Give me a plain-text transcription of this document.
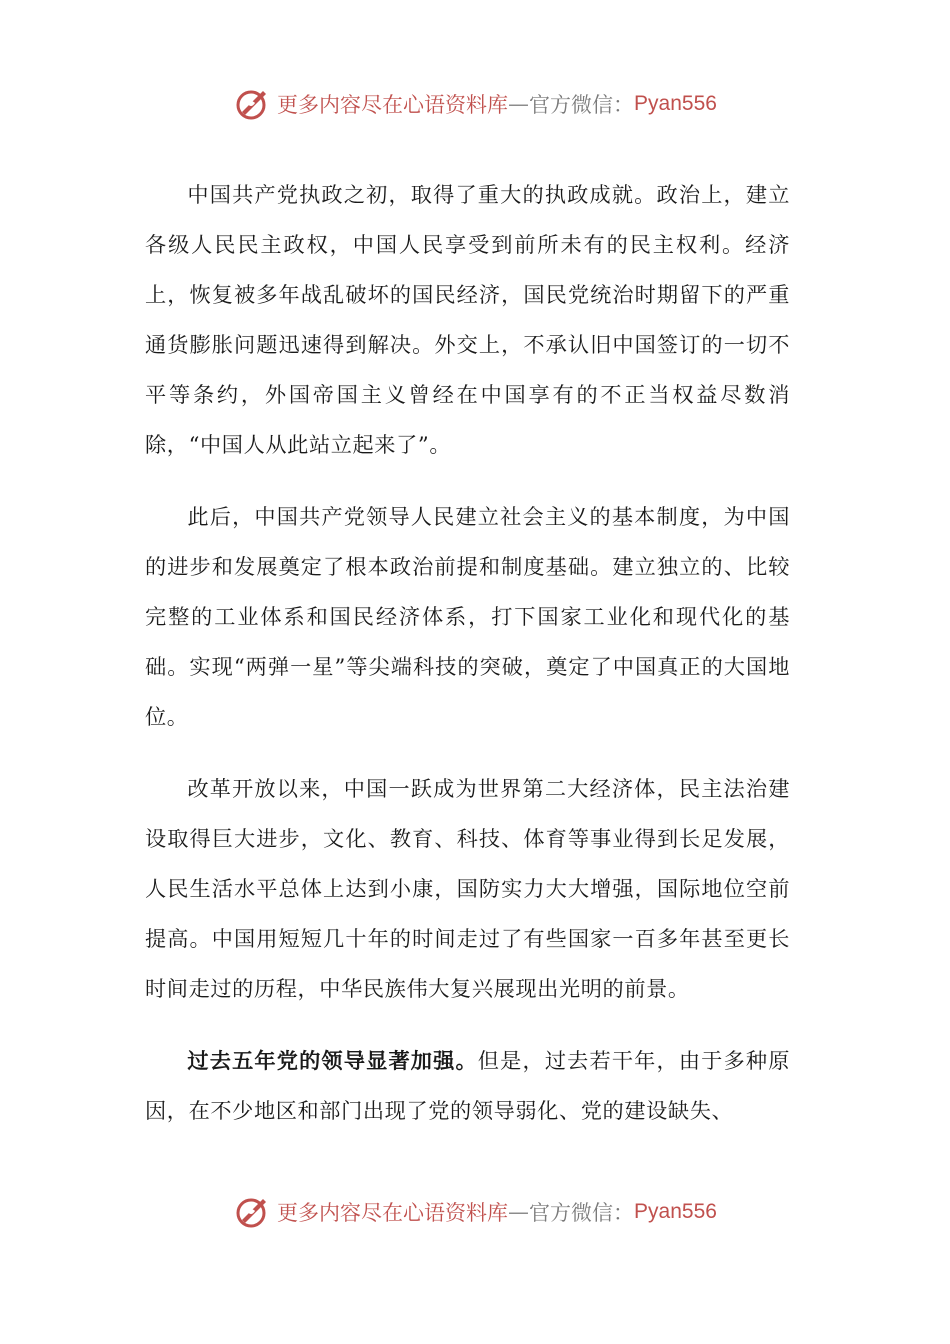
更多内容尽在心语资料库 — 官方微信： Pyan556

中国共产党执政之初，取得了重大的执政成就。政治上，建立各级人民民主政权，中国人民享受到前所未有的民主权利。经济上，恢复被多年战乱破坏的国民经济，国民党统治时期留下的严重通货膨胀问题迅速得到解决。外交上，不承认旧中国签订的一切不平等条约，外国帝国主义曾经在中国享有的不正当权益尽数消除，“中国人从此站立起来了”。

此后，中国共产党领导人民建立社会主义的基本制度，为中国的进步和发展奠定了根本政治前提和制度基础。建立独立的、比较完整的工业体系和国民经济体系，打下国家工业化和现代化的基础。实现“两弹一星”等尖端科技的突破，奠定了中国真正的大国地位。

改革开放以来，中国一跃成为世界第二大经济体，民主法治建设取得巨大进步，文化、教育、科技、体育等事业得到长足发展，人民生活水平总体上达到小康，国防实力大大增强，国际地位空前提高。中国用短短几十年的时间走过了有些国家一百多年甚至更长时间走过的历程，中华民族伟大复兴展现出光明的前景。

过去五年党的领导显著加强。但是，过去若干年，由于多种原因，在不少地区和部门出现了党的领导弱化、党的建设缺失、

更多内容尽在心语资料库 — 官方微信： Pyan556
